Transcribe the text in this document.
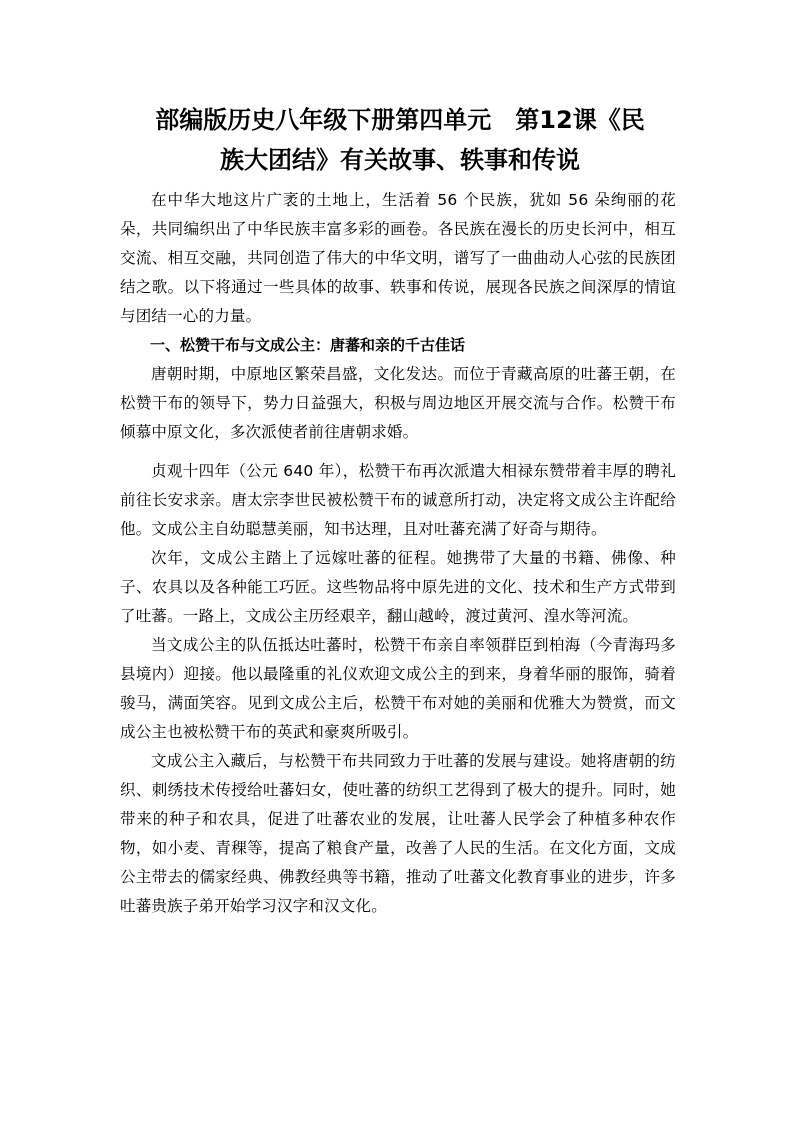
部编版历史八年级下册第四单元　第12课《民
族大团结》有关故事、轶事和传说

在中华大地这片广袤的土地上，生活着 56 个民族，犹如 56 朵绚丽的花朵，共同编织出了中华民族丰富多彩的画卷。各民族在漫长的历史长河中，相互交流、相互交融，共同创造了伟大的中华文明，谱写了一曲曲动人心弦的民族团结之歌。以下将通过一些具体的故事、轶事和传说，展现各民族之间深厚的情谊与团结一心的力量。

一、松赞干布与文成公主：唐蕃和亲的千古佳话

唐朝时期，中原地区繁荣昌盛，文化发达。而位于青藏高原的吐蕃王朝，在松赞干布的领导下，势力日益强大，积极与周边地区开展交流与合作。松赞干布倾慕中原文化，多次派使者前往唐朝求婚。

贞观十四年（公元 640 年），松赞干布再次派遣大相禄东赞带着丰厚的聘礼前往长安求亲。唐太宗李世民被松赞干布的诚意所打动，决定将文成公主许配给他。文成公主自幼聪慧美丽，知书达理，且对吐蕃充满了好奇与期待。

次年，文成公主踏上了远嫁吐蕃的征程。她携带了大量的书籍、佛像、种子、农具以及各种能工巧匠。这些物品将中原先进的文化、技术和生产方式带到了吐蕃。一路上，文成公主历经艰辛，翻山越岭，渡过黄河、湟水等河流。

当文成公主的队伍抵达吐蕃时，松赞干布亲自率领群臣到柏海（今青海玛多县境内）迎接。他以最隆重的礼仪欢迎文成公主的到来，身着华丽的服饰，骑着骏马，满面笑容。见到文成公主后，松赞干布对她的美丽和优雅大为赞赏，而文成公主也被松赞干布的英武和豪爽所吸引。

文成公主入藏后，与松赞干布共同致力于吐蕃的发展与建设。她将唐朝的纺织、刺绣技术传授给吐蕃妇女，使吐蕃的纺织工艺得到了极大的提升。同时，她带来的种子和农具，促进了吐蕃农业的发展，让吐蕃人民学会了种植多种农作物，如小麦、青稞等，提高了粮食产量，改善了人民的生活。在文化方面，文成公主带去的儒家经典、佛教经典等书籍，推动了吐蕃文化教育事业的进步，许多吐蕃贵族子弟开始学习汉字和汉文化。
